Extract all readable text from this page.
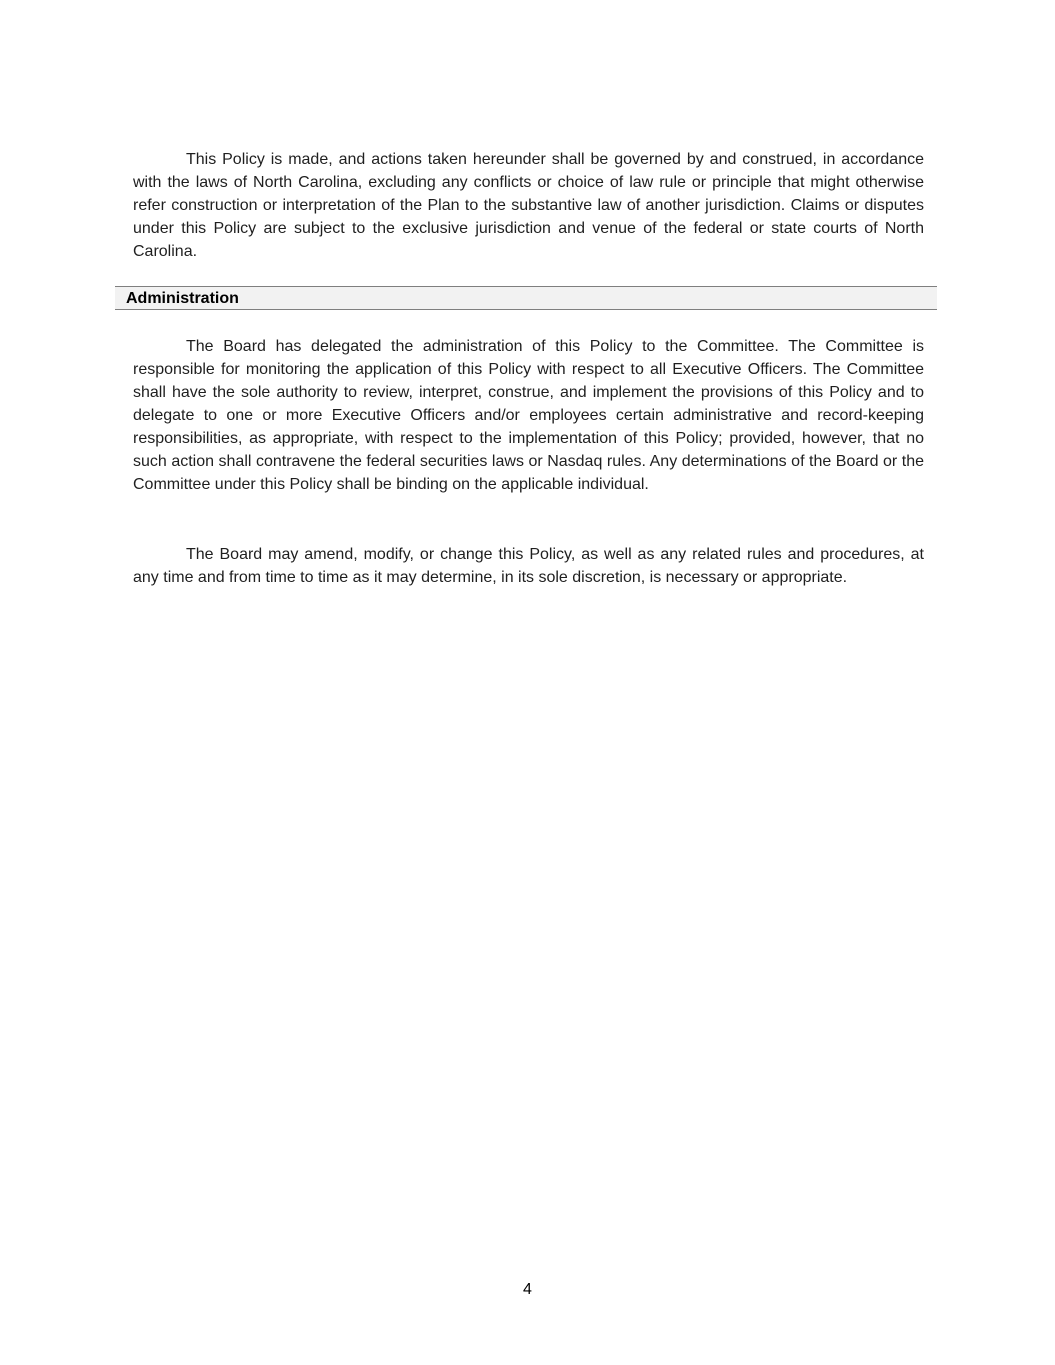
This Policy is made, and actions taken hereunder shall be governed by and construed, in accordance with the laws of North Carolina, excluding any conflicts or choice of law rule or principle that might otherwise refer construction or interpretation of the Plan to the substantive law of another jurisdiction. Claims or disputes under this Policy are subject to the exclusive jurisdiction and venue of the federal or state courts of North Carolina.

Administration

The Board has delegated the administration of this Policy to the Committee. The Committee is responsible for monitoring the application of this Policy with respect to all Executive Officers. The Committee shall have the sole authority to review, interpret, construe, and implement the provisions of this Policy and to delegate to one or more Executive Officers and/or employees certain administrative and record-keeping responsibilities, as appropriate, with respect to the implementation of this Policy; provided, however, that no such action shall contravene the federal securities laws or Nasdaq rules. Any determinations of the Board or the Committee under this Policy shall be binding on the applicable individual.

The Board may amend, modify, or change this Policy, as well as any related rules and procedures, at any time and from time to time as it may determine, in its sole discretion, is necessary or appropriate.

4
